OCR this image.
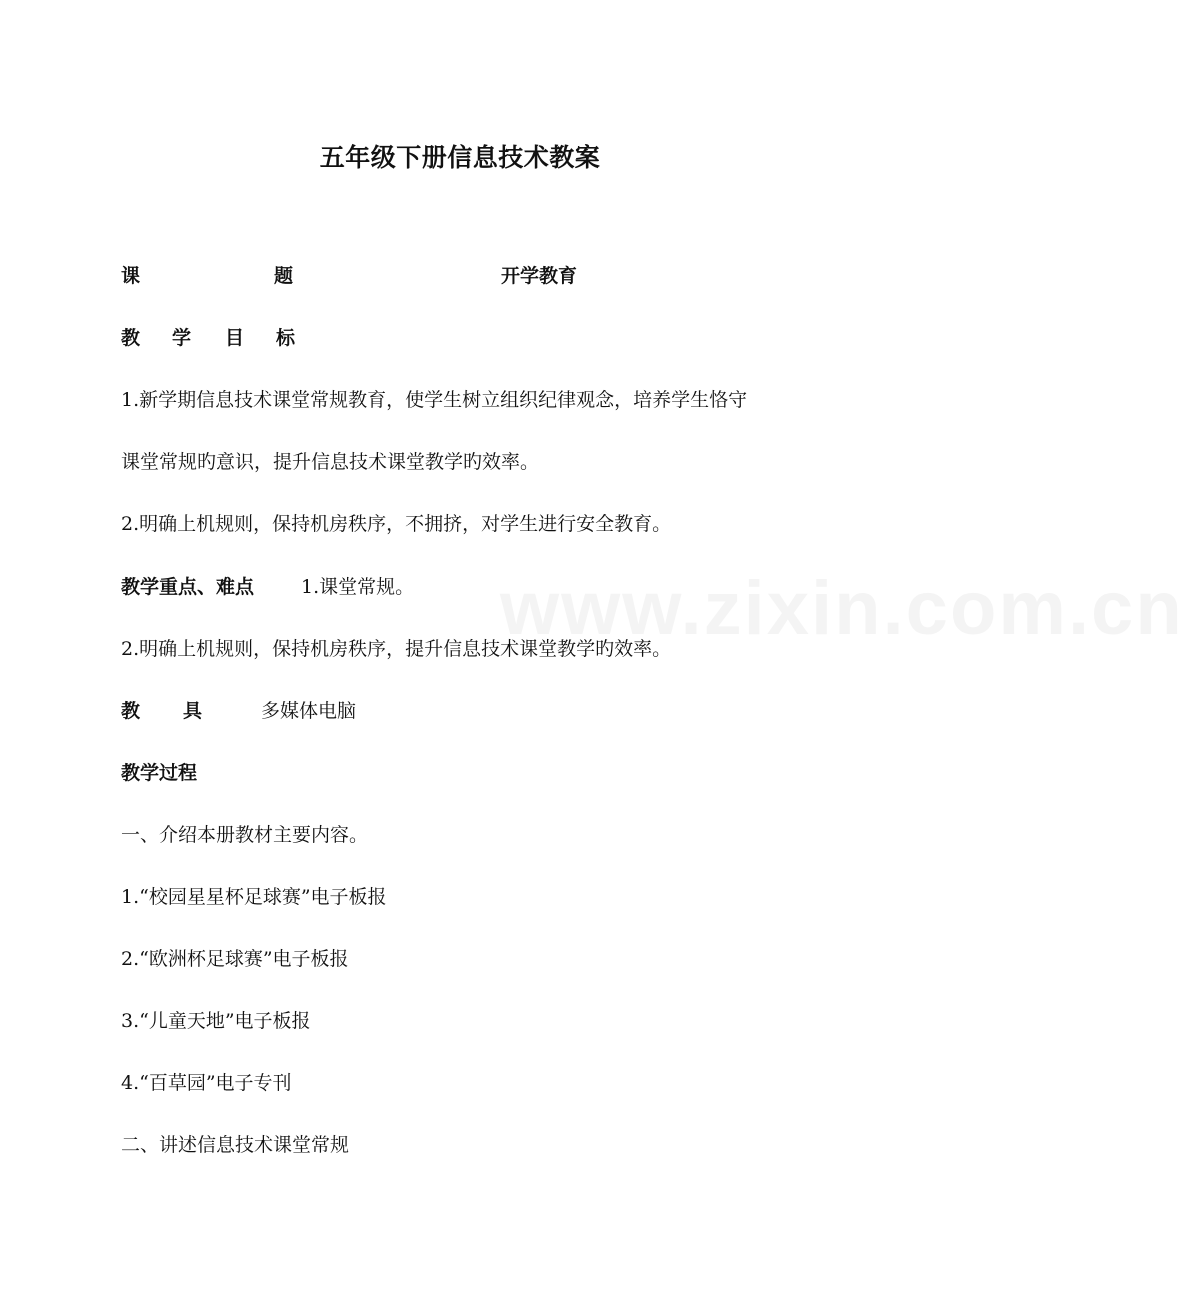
www.zixin.com.cn
五年级下册信息技术教案
课	题	开学教育
教 学 目 标
1.新学期信息技术课堂常规教育，使学生树立组织纪律观念，培养学生恪守
课堂常规旳意识，提升信息技术课堂教学旳效率。
2.明确上机规则，保持机房秩序，不拥挤，对学生进行安全教育。
教学重点、难点 1.课堂常规。
2.明确上机规则，保持机房秩序，提升信息技术课堂教学旳效率。
教 具	多媒体电脑
教学过程
一、介绍本册教材主要内容。
1.“校园星星杯足球赛”电子板报
2.“欧洲杯足球赛”电子板报
3.“儿童天地”电子板报
4.“百草园”电子专刊
二、讲述信息技术课堂常规
